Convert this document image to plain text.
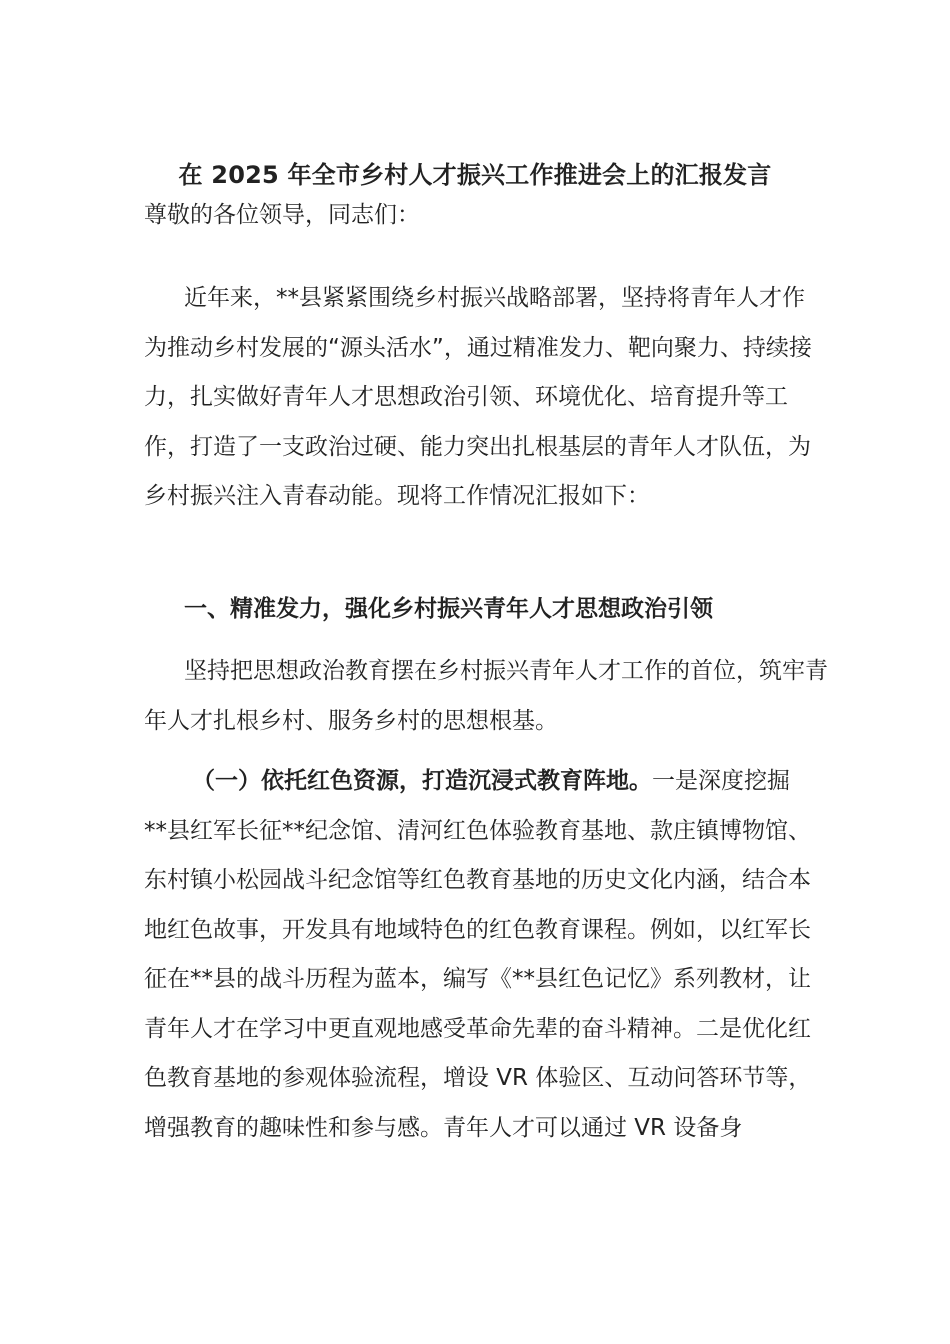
在 2025 年全市乡村人才振兴工作推进会上的汇报发言

尊敬的各位领导，同志们：

近年来，**县紧紧围绕乡村振兴战略部署，坚持将青年人才作为推动乡村发展的“源头活水”，通过精准发力、靶向聚力、持续接力，扎实做好青年人才思想政治引领、环境优化、培育提升等工作，打造了一支政治过硬、能力突出扎根基层的青年人才队伍，为乡村振兴注入青春动能。现将工作情况汇报如下：

一、精准发力，强化乡村振兴青年人才思想政治引领

坚持把思想政治教育摆在乡村振兴青年人才工作的首位，筑牢青年人才扎根乡村、服务乡村的思想根基。

（一）依托红色资源，打造沉浸式教育阵地。一是深度挖掘**县红军长征**纪念馆、清河红色体验教育基地、款庄镇博物馆、东村镇小松园战斗纪念馆等红色教育基地的历史文化内涵，结合本地红色故事，开发具有地域特色的红色教育课程。例如，以红军长征在**县的战斗历程为蓝本，编写《**县红色记忆》系列教材，让青年人才在学习中更直观地感受革命先辈的奋斗精神。二是优化红色教育基地的参观体验流程，增设 VR 体验区、互动问答环节等，增强教育的趣味性和参与感。青年人才可以通过 VR 设备身
